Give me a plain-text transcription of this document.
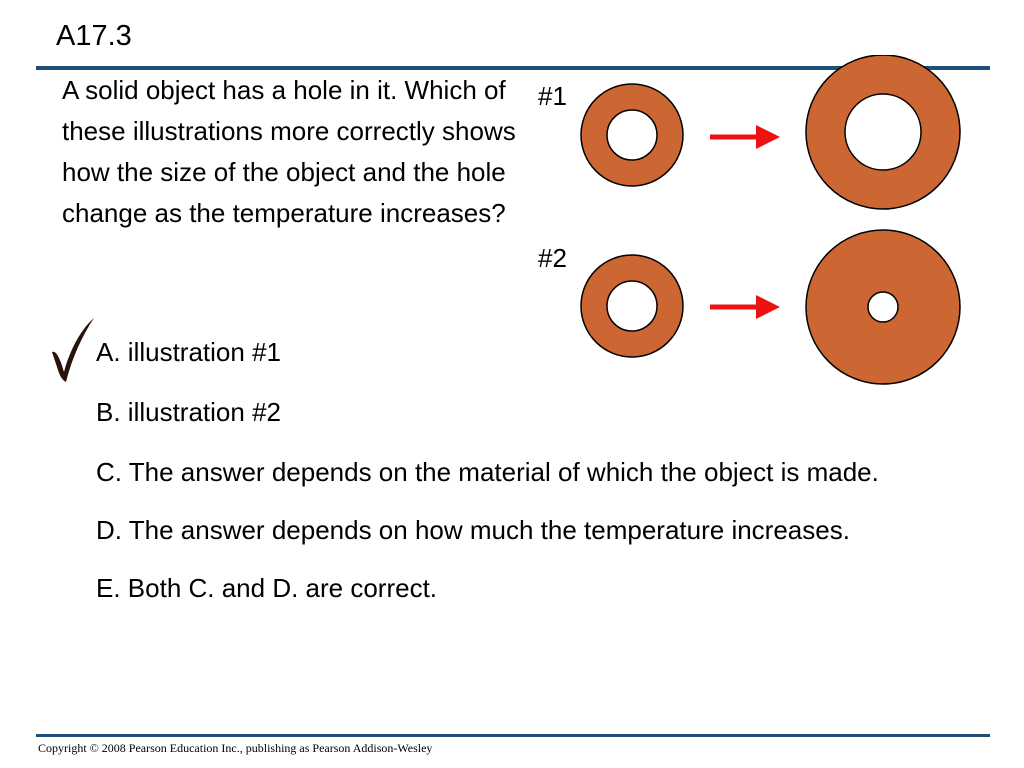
A17.3

A solid object has a hole in it. Which of these illustrations more correctly shows how the size of the object and the hole change as the temperature increases?

A. illustration #1
B. illustration #2
C. The answer depends on the material of which the object is made.
D. The answer depends on how much the temperature increases.
E. Both C. and D. are correct.
#1
#2
Copyright © 2008 Pearson Education Inc., publishing as Pearson Addison-Wesley
